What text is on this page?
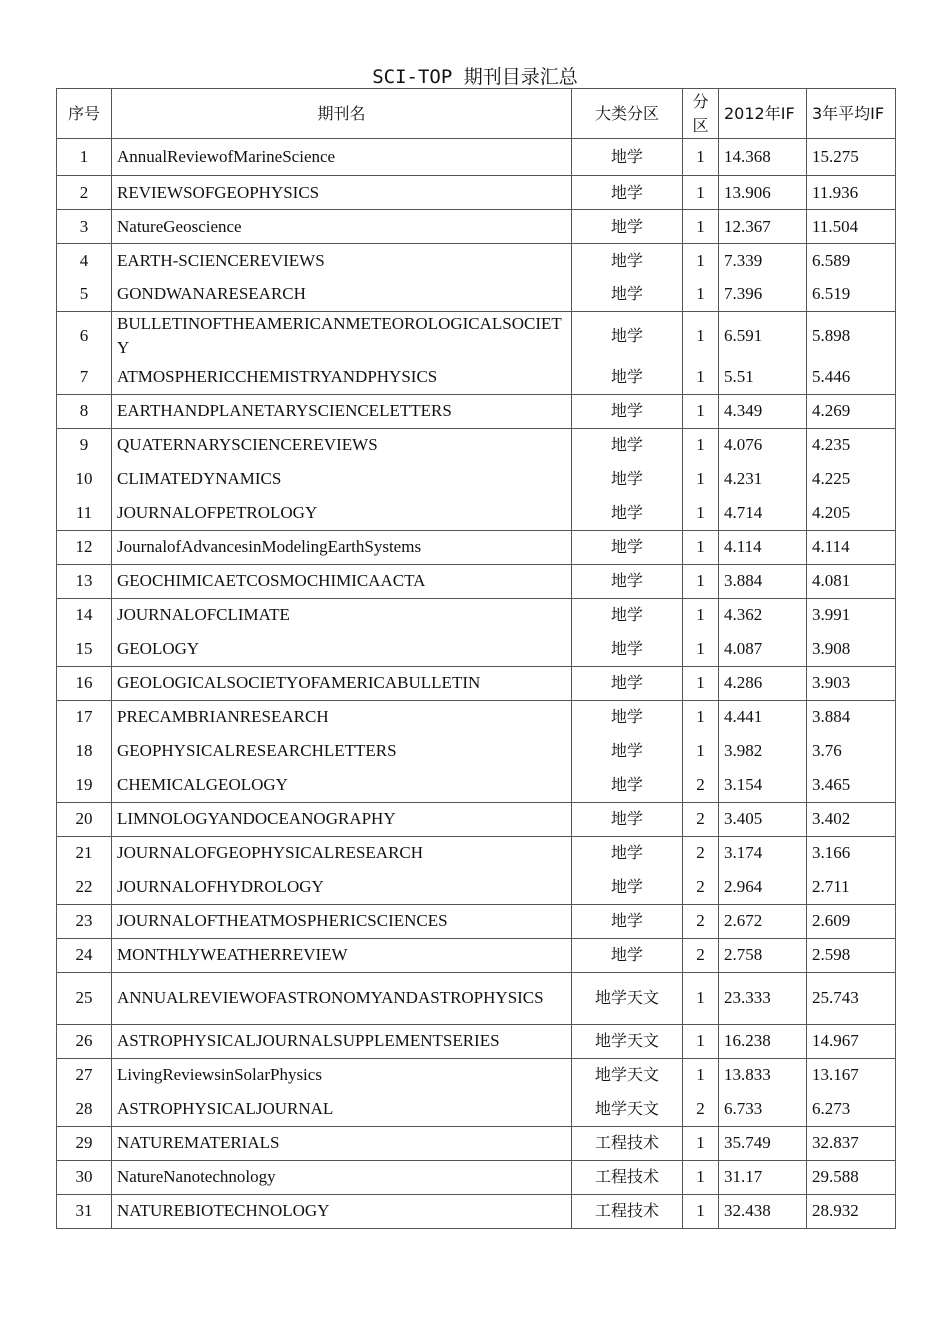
SCI-TOP 期刊目录汇总
序号	期刊名	大类分区	分区	2012年IF	3年平均IF
1	AnnualReviewofMarineScience	地学	1	14.368	15.275
2	REVIEWSOFGEOPHYSICS	地学	1	13.906	11.936
3	NatureGeoscience	地学	1	12.367	11.504
4	EARTH-SCIENCEREVIEWS	地学	1	7.339	6.589
5	GONDWANARESEARCH	地学	1	7.396	6.519
6	BULLETINOFTHEAMERICANMETEOROLOGICALSOCIETY	地学	1	6.591	5.898
7	ATMOSPHERICCHEMISTRYANDPHYSICS	地学	1	5.51	5.446
8	EARTHANDPLANETARYSCIENCELETTERS	地学	1	4.349	4.269
9	QUATERNARYSCIENCEREVIEWS	地学	1	4.076	4.235
10	CLIMATEDYNAMICS	地学	1	4.231	4.225
11	JOURNALOFPETROLOGY	地学	1	4.714	4.205
12	JournalofAdvancesinModelingEarthSystems	地学	1	4.114	4.114
13	GEOCHIMICAETCOSMOCHIMICAACTA	地学	1	3.884	4.081
14	JOURNALOFCLIMATE	地学	1	4.362	3.991
15	GEOLOGY	地学	1	4.087	3.908
16	GEOLOGICALSOCIETYOFAMERICABULLETIN	地学	1	4.286	3.903
17	PRECAMBRIANRESEARCH	地学	1	4.441	3.884
18	GEOPHYSICALRESEARCHLETTERS	地学	1	3.982	3.76
19	CHEMICALGEOLOGY	地学	2	3.154	3.465
20	LIMNOLOGYANDOCEANOGRAPHY	地学	2	3.405	3.402
21	JOURNALOFGEOPHYSICALRESEARCH	地学	2	3.174	3.166
22	JOURNALOFHYDROLOGY	地学	2	2.964	2.711
23	JOURNALOFTHEATMOSPHERICSCIENCES	地学	2	2.672	2.609
24	MONTHLYWEATHERREVIEW	地学	2	2.758	2.598
25	ANNUALREVIEWOFASTRONOMYANDASTROPHYSICS	地学天文	1	23.333	25.743
26	ASTROPHYSICALJOURNALSUPPLEMENTSERIES	地学天文	1	16.238	14.967
27	LivingReviewsinSolarPhysics	地学天文	1	13.833	13.167
28	ASTROPHYSICALJOURNAL	地学天文	2	6.733	6.273
29	NATUREMATERIALS	工程技术	1	35.749	32.837
30	NatureNanotechnology	工程技术	1	31.17	29.588
31	NATUREBIOTECHNOLOGY	工程技术	1	32.438	28.932
